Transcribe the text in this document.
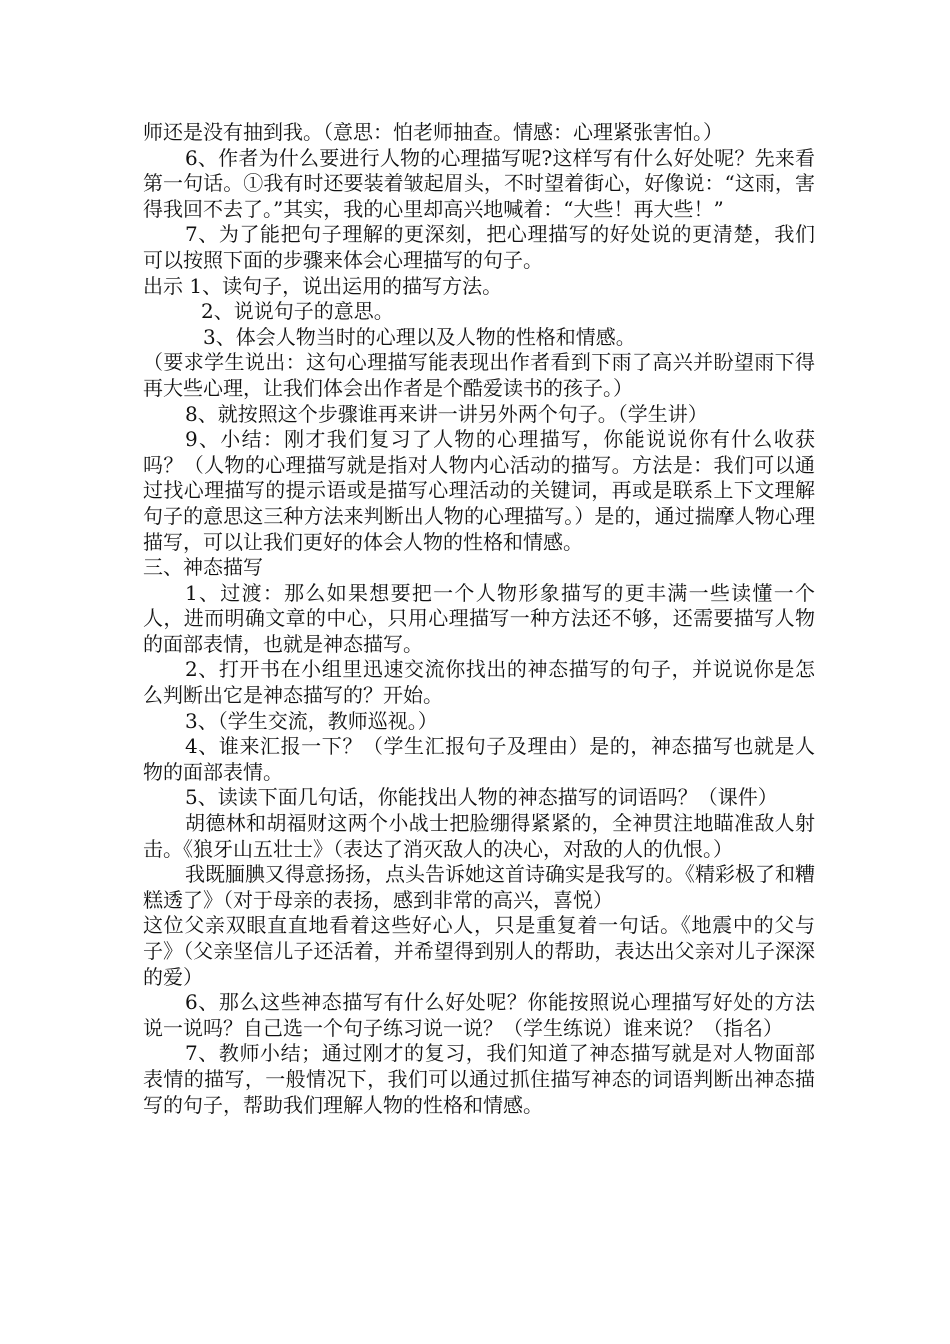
师还是没有抽到我。（意思：怕老师抽查。情感：心理紧张害怕。）

6、作者为什么要进行人物的心理描写呢?这样写有什么好处呢？先来看第一句话。①我有时还要装着皱起眉头，不时望着街心，好像说：“这雨，害得我回不去了。”其实，我的心里却高兴地喊着：“大些！再大些！”

7、为了能把句子理解的更深刻，把心理描写的好处说的更清楚，我们可以按照下面的步骤来体会心理描写的句子。

出示 1、读句子，说出运用的描写方法。

2、说说句子的意思。

3、体会人物当时的心理以及人物的性格和情感。

（要求学生说出：这句心理描写能表现出作者看到下雨了高兴并盼望雨下得再大些心理，让我们体会出作者是个酷爱读书的孩子。）

8、就按照这个步骤谁再来讲一讲另外两个句子。（学生讲）

9、小结：刚才我们复习了人物的心理描写，你能说说你有什么收获吗？（人物的心理描写就是指对人物内心活动的描写。方法是：我们可以通过找心理描写的提示语或是描写心理活动的关键词，再或是联系上下文理解句子的意思这三种方法来判断出人物的心理描写。）是的，通过揣摩人物心理描写，可以让我们更好的体会人物的性格和情感。

三、神态描写

1、过渡：那么如果想要把一个人物形象描写的更丰满一些读懂一个人，进而明确文章的中心，只用心理描写一种方法还不够，还需要描写人物的面部表情，也就是神态描写。

2、打开书在小组里迅速交流你找出的神态描写的句子，并说说你是怎么判断出它是神态描写的？开始。

3、（学生交流，教师巡视。）

4、谁来汇报一下？（学生汇报句子及理由）是的，神态描写也就是人物的面部表情。

5、读读下面几句话，你能找出人物的神态描写的词语吗？（课件）

胡德林和胡福财这两个小战士把脸绷得紧紧的，全神贯注地瞄准敌人射击。《狼牙山五壮士》（表达了消灭敌人的决心，对敌的人的仇恨。）

我既腼腆又得意扬扬，点头告诉她这首诗确实是我写的。《精彩极了和糟糕透了》（对于母亲的表扬，感到非常的高兴，喜悦）

这位父亲双眼直直地看着这些好心人，只是重复着一句话。《地震中的父与子》（父亲坚信儿子还活着，并希望得到别人的帮助，表达出父亲对儿子深深的爱）

6、那么这些神态描写有什么好处呢？你能按照说心理描写好处的方法说一说吗？自己选一个句子练习说一说？（学生练说）谁来说？（指名）

7、教师小结；通过刚才的复习，我们知道了神态描写就是对人物面部表情的描写，一般情况下，我们可以通过抓住描写神态的词语判断出神态描写的句子，帮助我们理解人物的性格和情感。
